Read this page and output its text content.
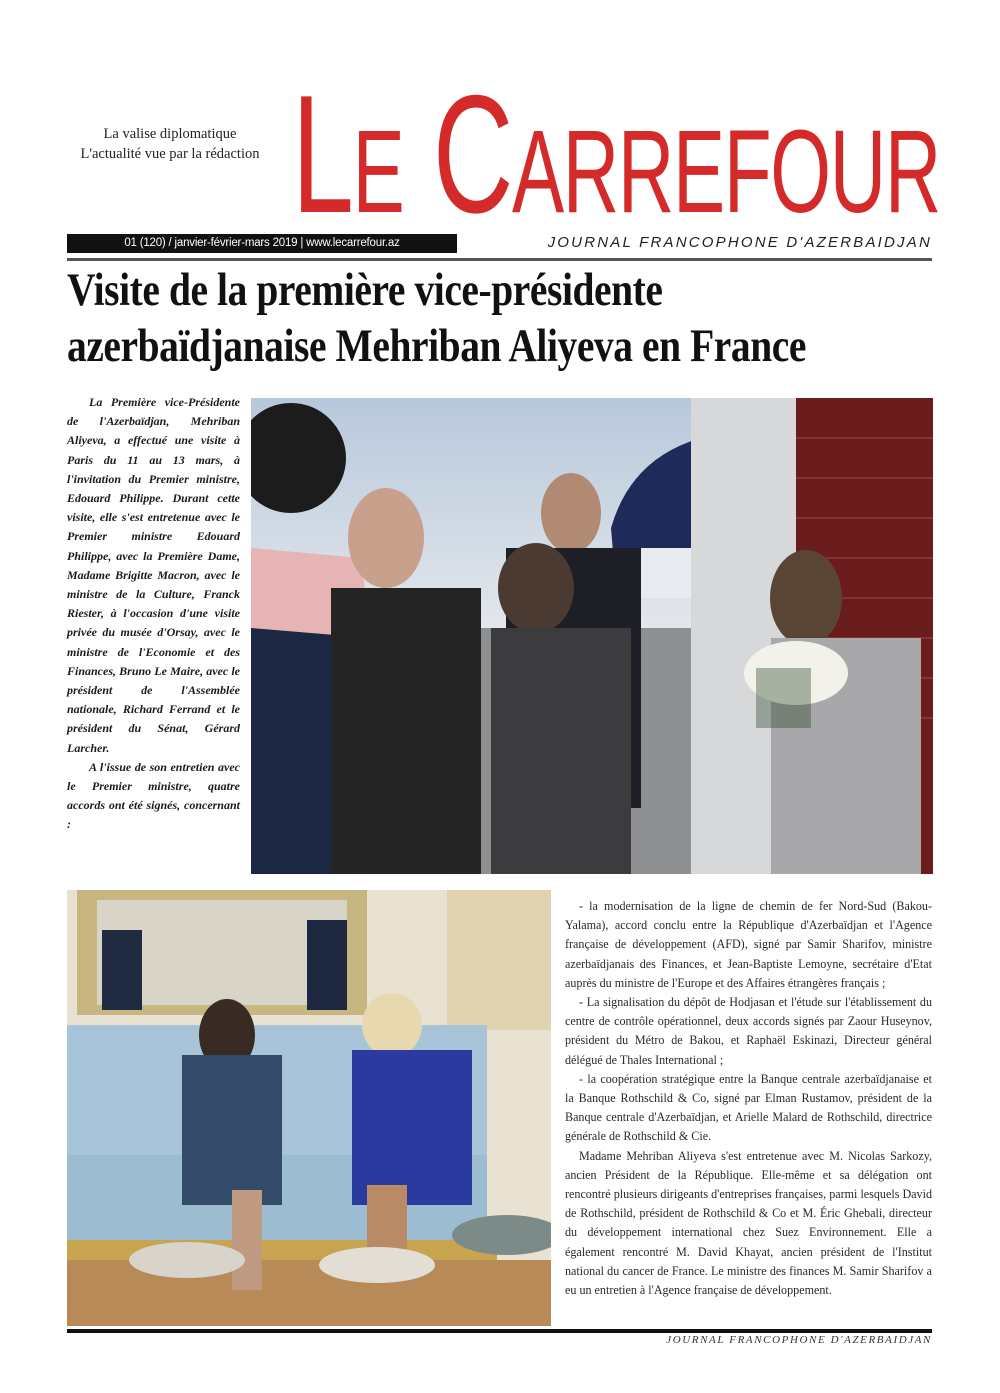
La valise diplomatique
L'actualité vue par la rédaction Le Carrefour
01 (120) / janvier-février-mars 2019 | www.lecarrefour.az	JOURNAL FRANCOPHONE D'AZERBAIDJAN
Visite de la première vice-présidente
azerbaïdjanaise Mehriban Aliyeva en France

La Première vice-Présidente de l'Azerbaïdjan, Mehriban Aliyeva, a effectué une visite à Paris du 11 au 13 mars, à l'invitation du Premier ministre, Edouard Philippe. Durant cette visite, elle s'est entretenue avec le Premier ministre Edouard Philippe, avec la Première Dame, Madame Brigitte Macron, avec le ministre de la Culture, Franck Riester, à l'occasion d'une visite privée du musée d'Orsay, avec le ministre de l'Economie et des Finances, Bruno Le Maire, avec le président de l'Assemblée nationale, Richard Ferrand et le président du Sénat, Gérard Larcher.

A l'issue de son entretien avec le Premier ministre, quatre accords ont été signés, concernant :

- la modernisation de la ligne de chemin de fer Nord-Sud (Bakou-Yalama), accord conclu entre la République d'Azerbaïdjan et l'Agence française de développement (AFD), signé par Samir Sharifov, ministre azerbaïdjanais des Finances, et Jean-Baptiste Lemoyne, secrétaire d'Etat auprès du ministre de l'Europe et des Affaires étrangères français ;

- La signalisation du dépôt de Hodjasan et l'étude sur l'établissement du centre de contrôle opérationnel, deux accords signés par Zaour Huseynov, président du Métro de Bakou, et Raphaël Eskinazi, Directeur général délégué de Thales International ;

- la coopération stratégique entre la Banque centrale azerbaïdjanaise et la Banque Rothschild & Co, signé par Elman Rustamov, président de la Banque centrale d'Azerbaïdjan, et Arielle Malard de Rothschild, directrice générale de Rothschild & Cie.

Madame Mehriban Aliyeva s'est entretenue avec M. Nicolas Sarkozy, ancien Président de la République. Elle-même et sa délégation ont rencontré plusieurs dirigeants d'entreprises françaises, parmi lesquels David de Rothschild, président de Rothschild & Co et M. Éric Ghebali, directeur du développement international chez Suez Environnement. Elle a également rencontré M. David Khayat, ancien président de l'Institut national du cancer de France. Le ministre des finances M. Samir Sharifov a eu un entretien à l'Agence française de développement.

JOURNAL FRANCOPHONE D'AZERBAIDJAN
